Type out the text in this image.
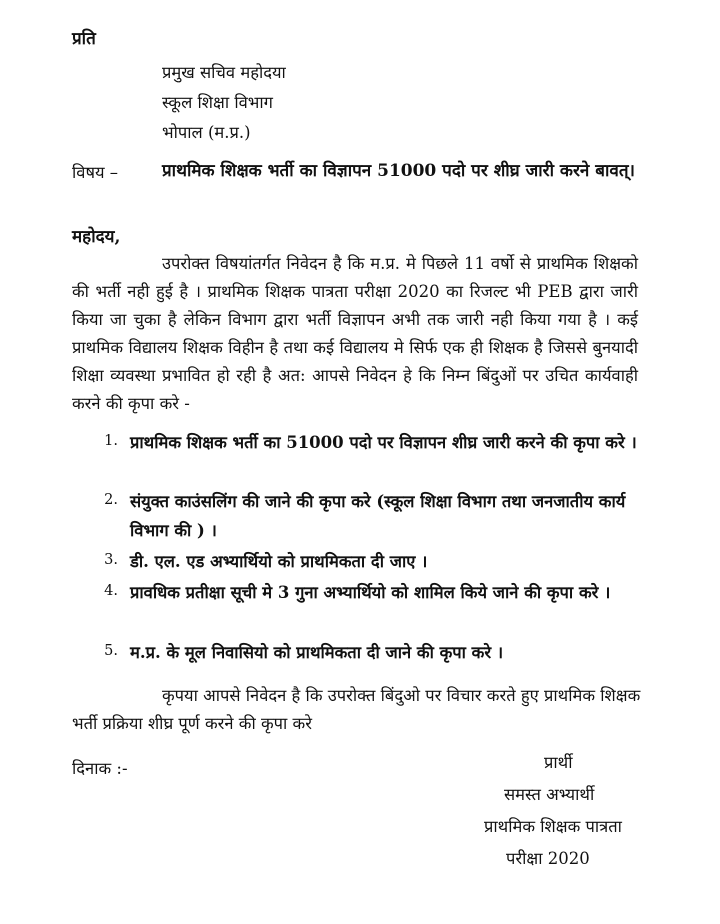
प्रति
प्रमुख सचिव महोदया
स्कूल शिक्षा विभाग
भोपाल (म.प्र.)
विषय –	प्राथमिक शिक्षक भर्ती का विज्ञापन 51000 पदो पर शीघ्र जारी करने बावत्।
महोदय,
उपरोक्त विषयांतर्गत निवेदन है कि म.प्र. मे पिछले 11 वर्षो से प्राथमिक शिक्षको की भर्ती नही हुई है । प्राथमिक शिक्षक पात्रता परीक्षा 2020 का रिजल्ट भी PEB द्वारा जारी किया जा चुका है लेकिन विभाग द्वारा भर्ती विज्ञापन अभी तक जारी नही किया गया है । कई प्राथमिक विद्यालय शिक्षक विहीन है तथा कई विद्यालय मे सिर्फ एक ही शिक्षक है जिससे बुनयादी शिक्षा व्यवस्था प्रभावित हो रही है अत: आपसे निवेदन हे कि निम्न बिंदुओं पर उचित कार्यवाही करने की कृपा करे -
1. प्राथमिक शिक्षक भर्ती का 51000 पदो पर विज्ञापन शीघ्र जारी करने की कृपा करे ।
2. संयुक्त काउंसलिंग की जाने की कृपा करे (स्कूल शिक्षा विभाग तथा जनजातीय कार्य विभाग की ) ।
3. डी. एल. एड अभ्यार्थियो को प्राथमिकता दी जाए ।
4. प्रावधिक प्रतीक्षा सूची मे 3 गुना अभ्यार्थियो को शामिल किये जाने की कृपा करे ।
5. म.प्र. के मूल निवासियो को प्राथमिकता दी जाने की कृपा करे ।
कृपया आपसे निवेदन है कि उपरोक्त बिंदुओ पर विचार करते हुए प्राथमिक शिक्षक भर्ती प्रक्रिया शीघ्र पूर्ण करने की कृपा करे
दिनाक :-	प्रार्थी
समस्त अभ्यार्थी
प्राथमिक शिक्षक पात्रता
परीक्षा 2020
